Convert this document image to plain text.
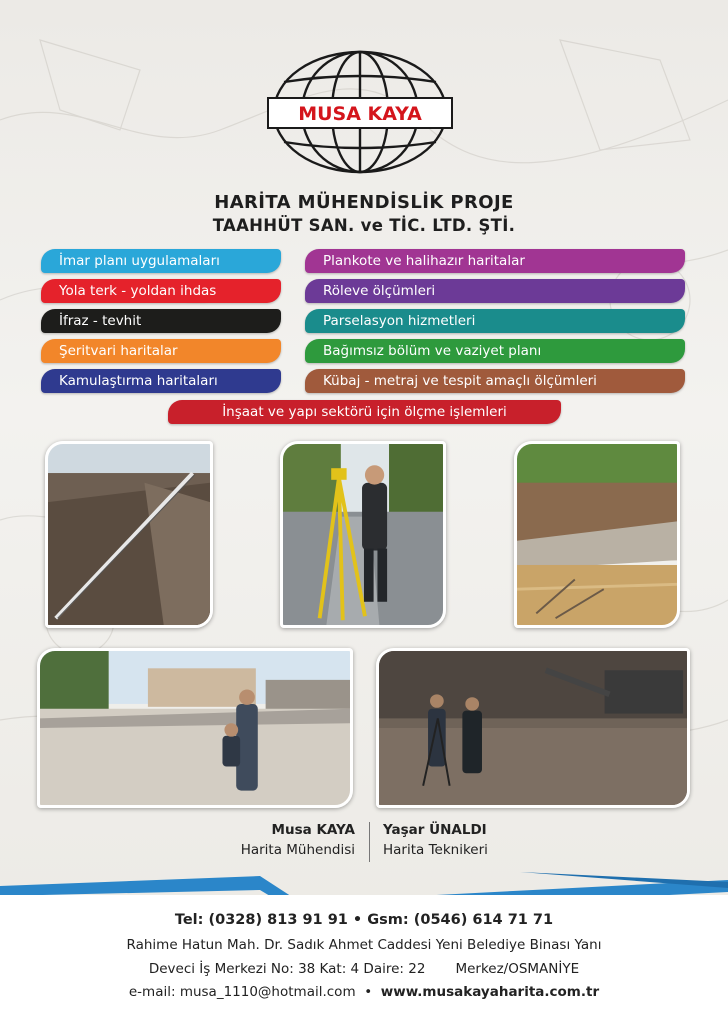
MUSA KAYA
HARİTA MÜHENDİSLİK PROJE
TAAHHÜT SAN. ve TİC. LTD. ŞTİ.
İmar planı uygulamaları
Yola terk - yoldan ihdas
İfraz - tevhit
Şeritvari haritalar
Kamulaştırma haritaları
Plankote ve halihazır haritalar
Röleve ölçümleri
Parselasyon hizmetleri
Bağımsız bölüm ve vaziyet planı
Kübaj - metraj ve tespit amaçlı ölçümleri
İnşaat ve yapı sektörü için ölçme işlemleri
Musa KAYA
Harita Mühendisi
Yaşar ÜNALDI
Harita Teknikeri
Tel: (0328) 813 91 91 • Gsm: (0546) 614 71 71
Rahime Hatun Mah. Dr. Sadık Ahmet Caddesi Yeni Belediye Binası Yanı
Deveci İş Merkezi No: 38 Kat: 4 Daire: 22 Merkez/OSMANİYE
e-mail: musa_1110@hotmail.com • www.musakayaharita.com.tr
